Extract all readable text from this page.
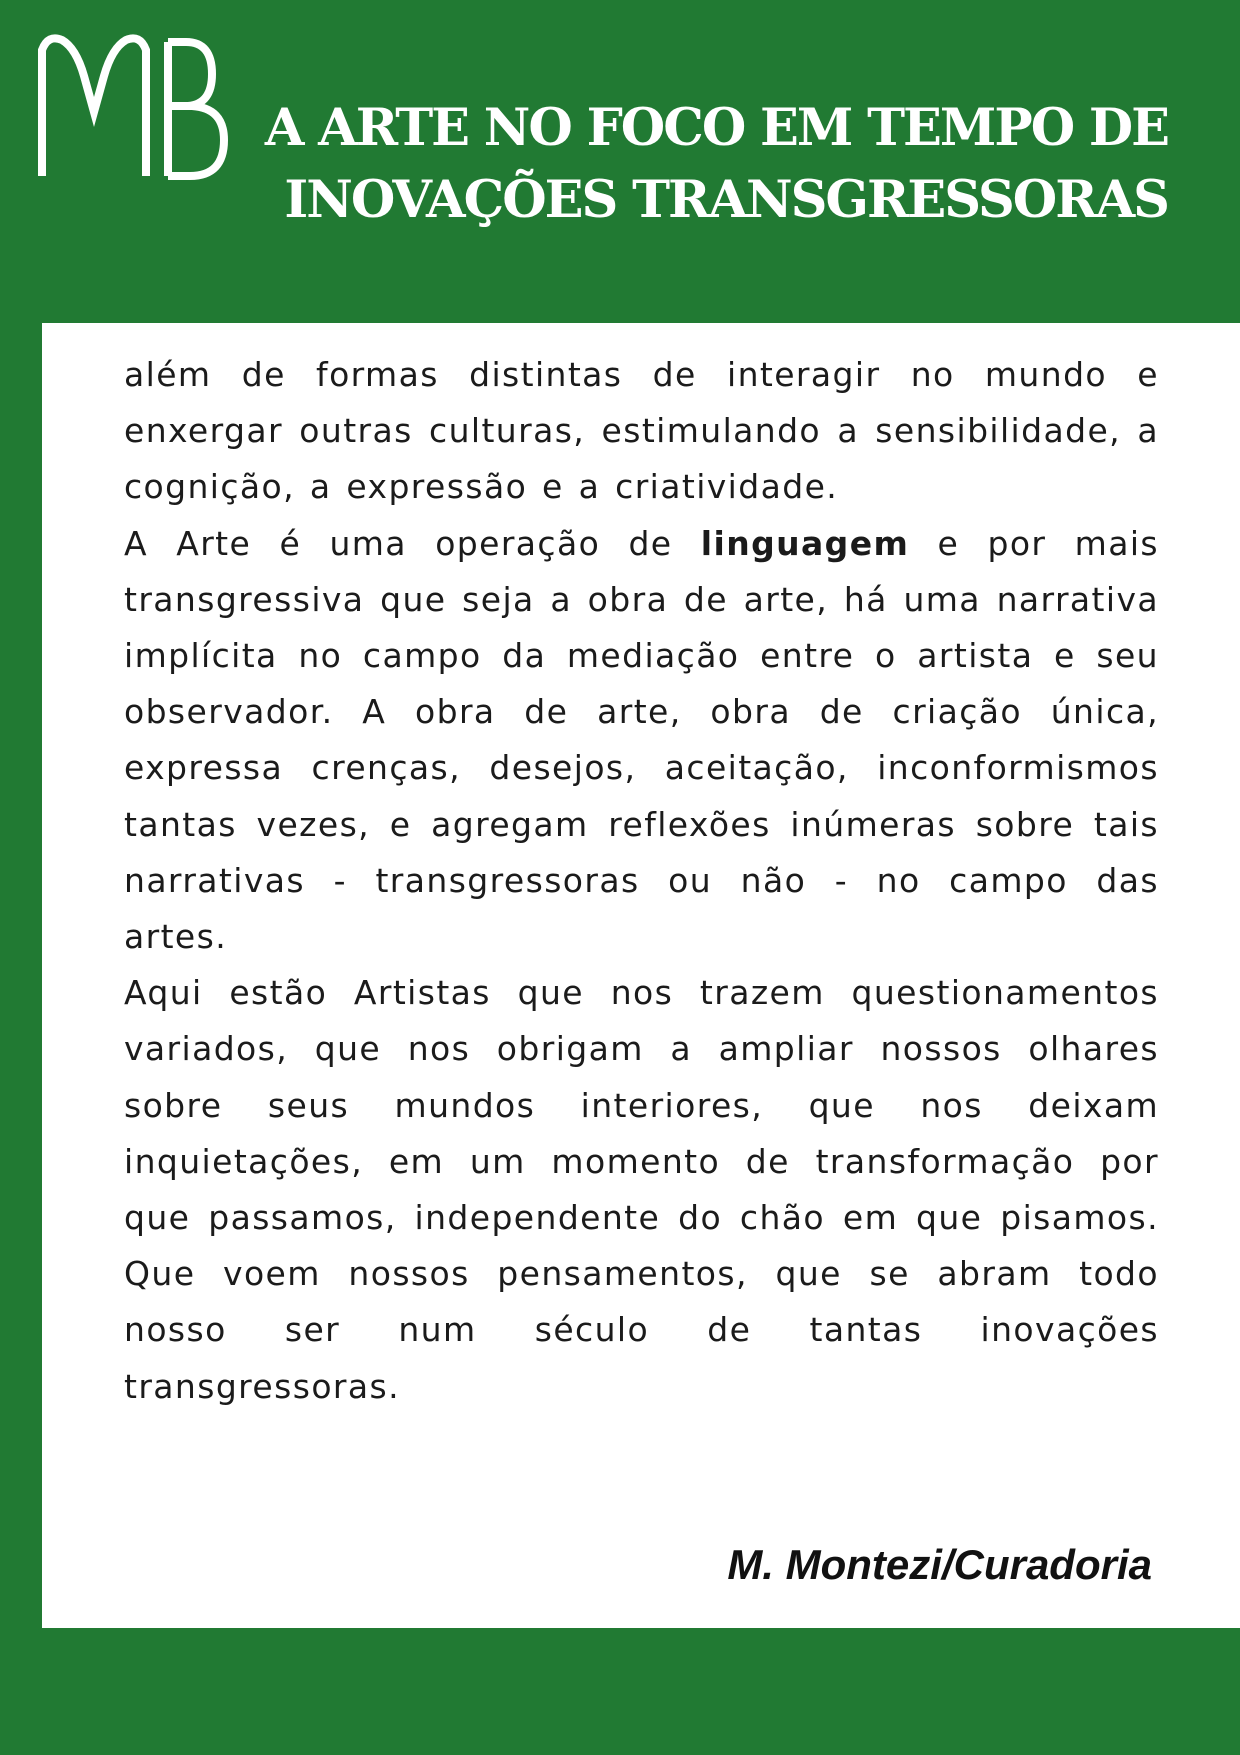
A ARTE NO FOCO EM TEMPO DE INOVAÇÕES TRANSGRESSORAS

além de formas distintas de interagir no mundo e enxergar outras culturas, estimulando a sensibilidade, a cognição, a expressão e a criatividade.

A Arte é uma operação de linguagem e por mais transgressiva que seja a obra de arte, há uma narrativa implícita no campo da mediação entre o artista e seu observador. A obra de arte, obra de criação única, expressa crenças, desejos, aceitação, inconformismos tantas vezes, e agregam reflexões inúmeras sobre tais narrativas - transgressoras ou não - no campo das artes.

Aqui estão Artistas que nos trazem questionamentos variados, que nos obrigam a ampliar nossos olhares sobre seus mundos interiores, que nos deixam inquietações, em um momento de transformação por que passamos, independente do chão em que pisamos. Que voem nossos pensamentos, que se abram todo nosso ser num século de tantas inovações transgressoras.

M. Montezi/Curadoria
